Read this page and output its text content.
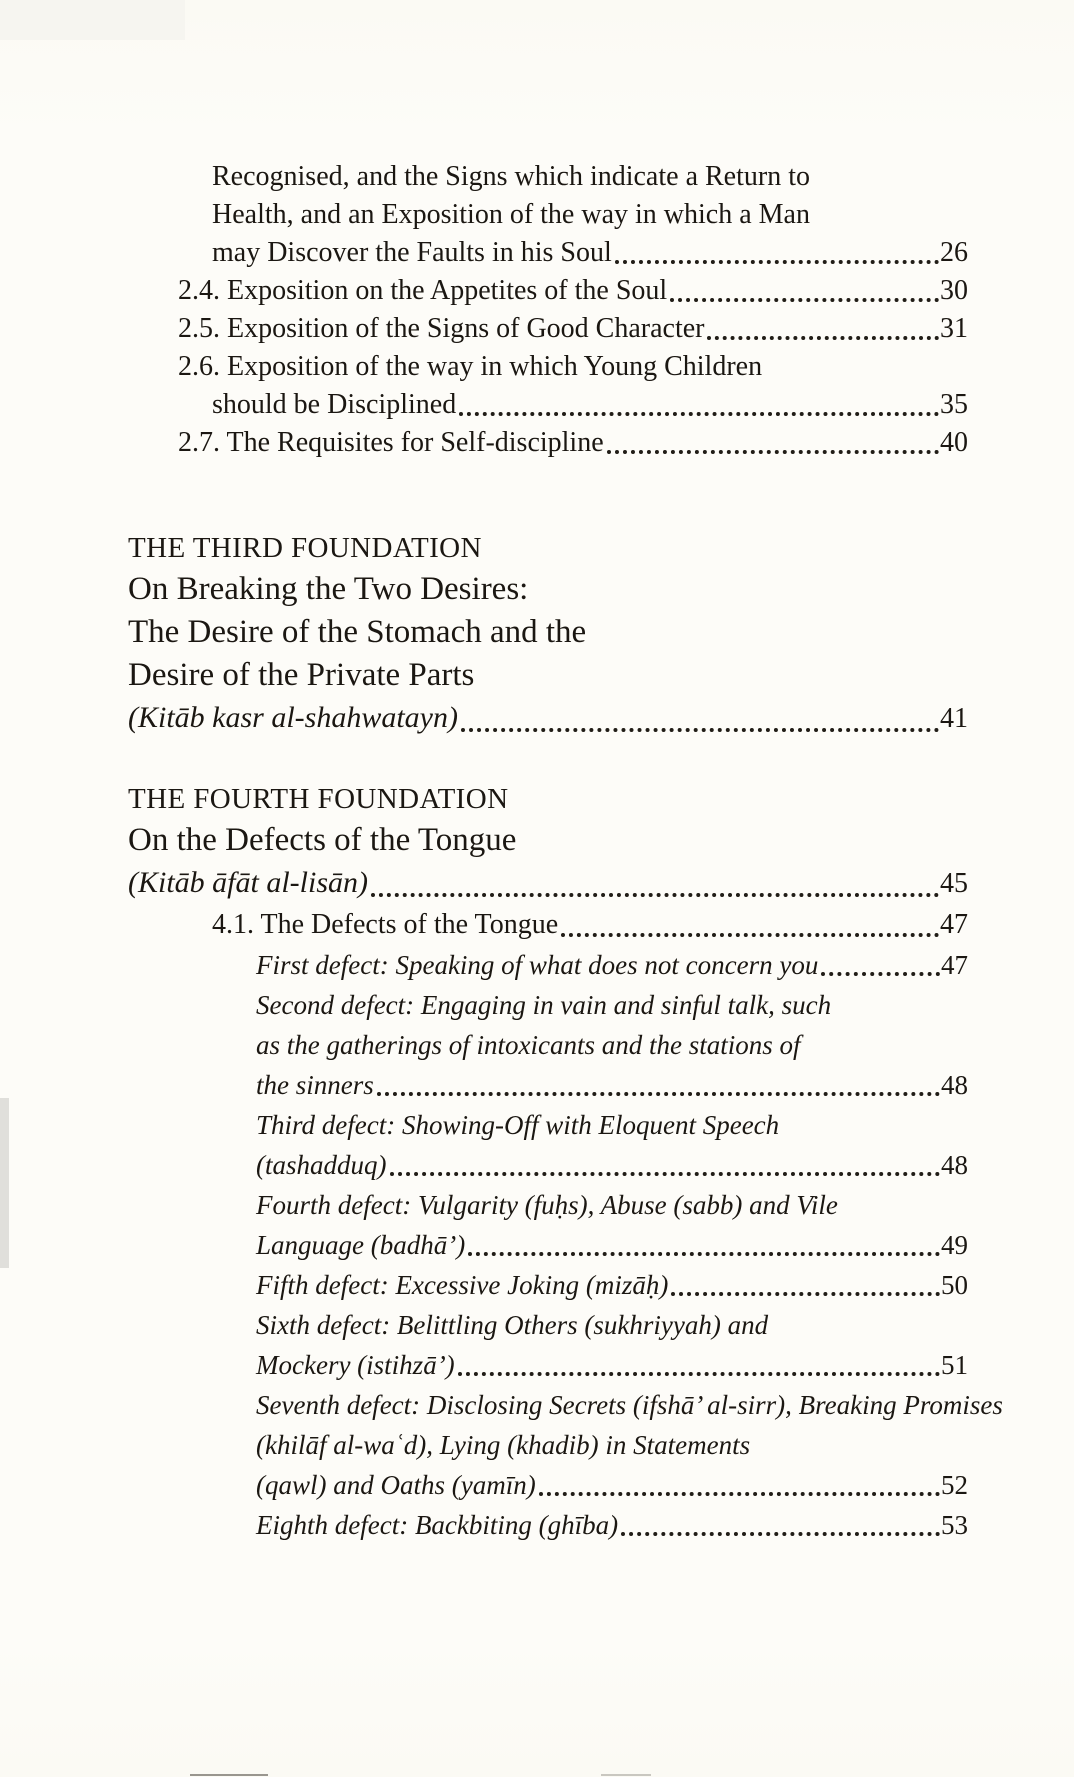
Recognised, and the Signs which indicate a Return to
Health, and an Exposition of the way in which a Man
may Discover the Faults in his Soul	26
2.4. Exposition on the Appetites of the Soul	30
2.5. Exposition of the Signs of Good Character	31
2.6. Exposition of the way in which Young Children
should be Disciplined	35
2.7. The Requisites for Self-discipline	40
THE THIRD FOUNDATION
On Breaking the Two Desires:
The Desire of the Stomach and the
Desire of the Private Parts
(Kitāb kasr al-shahwatayn)	41
THE FOURTH FOUNDATION
On the Defects of the Tongue
(Kitāb āfāt al-lisān)	45
4.1. The Defects of the Tongue	47
First defect: Speaking of what does not concern you	47
Second defect: Engaging in vain and sinful talk, such
as the gatherings of intoxicants and the stations of
the sinners	48
Third defect: Showing-Off with Eloquent Speech
(tashadduq)	48
Fourth defect: Vulgarity (fuḥs), Abuse (sabb) and Vile
Language (badhā’)	49
Fifth defect: Excessive Joking (mizāḥ)	50
Sixth defect: Belittling Others (sukhriyyah) and
Mockery (istihzā’)	51
Seventh defect: Disclosing Secrets (ifshā’ al-sirr), Breaking Promises
(khilāf al-waʿd), Lying (khadib) in Statements
(qawl) and Oaths (yamīn)	52
Eighth defect: Backbiting (ghība)	53
